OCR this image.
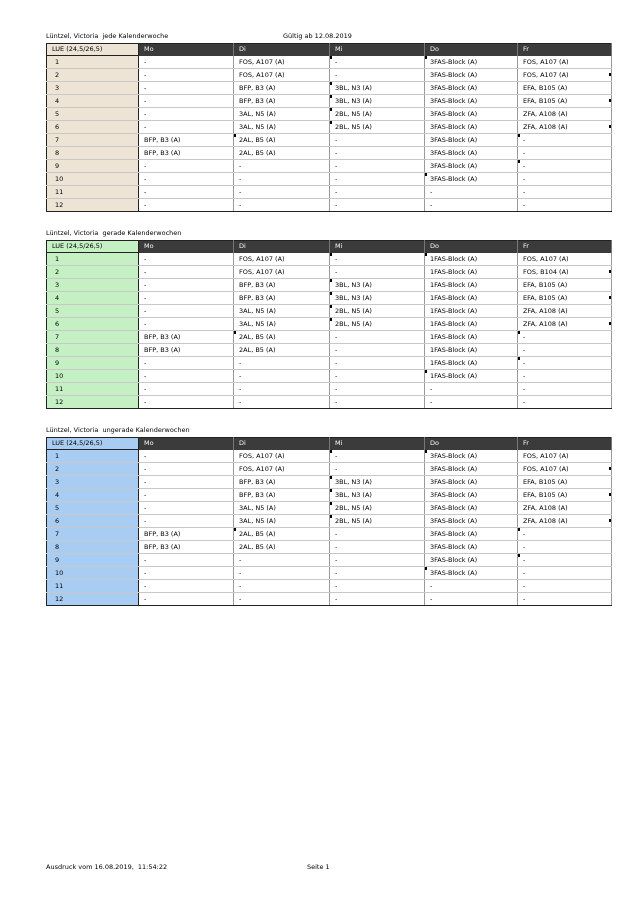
Lüntzel, Victoria  jede Kalenderwoche	Gültig ab 12.08.2019
LUE (24,5/26,5)	Mo	Di	Mi	Do	Fr
1	-	FOS, A107 (A)	-	3FAS-Block (A)	FOS, A107 (A)
2	-	FOS, A107 (A)	-	3FAS-Block (A)	FOS, A107 (A)
3	-	BFP, B3 (A)	3BL, N3 (A)	3FAS-Block (A)	EFA, B105 (A)
4	-	BFP, B3 (A)	3BL, N3 (A)	3FAS-Block (A)	EFA, B105 (A)
5	-	3AL, N5 (A)	2BL, N5 (A)	3FAS-Block (A)	ZFA, A108 (A)
6	-	3AL, N5 (A)	2BL, N5 (A)	3FAS-Block (A)	ZFA, A108 (A)
7	BFP, B3 (A)	2AL, B5 (A)	-	3FAS-Block (A)	-
8	BFP, B3 (A)	2AL, B5 (A)	-	3FAS-Block (A)	-
9	-	-	-	3FAS-Block (A)	-
10	-	-	-	3FAS-Block (A)	-
11	-	-	-	-	-
12	-	-	-	-	-
Lüntzel, Victoria  gerade Kalenderwochen
LUE (24,5/26,5)	Mo	Di	Mi	Do	Fr
1	-	FOS, A107 (A)	-	1FAS-Block (A)	FOS, A107 (A)
2	-	FOS, A107 (A)	-	1FAS-Block (A)	FOS, B104 (A)
3	-	BFP, B3 (A)	3BL, N3 (A)	1FAS-Block (A)	EFA, B105 (A)
4	-	BFP, B3 (A)	3BL, N3 (A)	1FAS-Block (A)	EFA, B105 (A)
5	-	3AL, N5 (A)	2BL, N5 (A)	1FAS-Block (A)	ZFA, A108 (A)
6	-	3AL, N5 (A)	2BL, N5 (A)	1FAS-Block (A)	ZFA, A108 (A)
7	BFP, B3 (A)	2AL, B5 (A)	-	1FAS-Block (A)	-
8	BFP, B3 (A)	2AL, B5 (A)	-	1FAS-Block (A)	-
9	-	-	-	1FAS-Block (A)	-
10	-	-	-	1FAS-Block (A)	-
11	-	-	-	-	-
12	-	-	-	-	-
Lüntzel, Victoria  ungerade Kalenderwochen
LUE (24,5/26,5)	Mo	Di	Mi	Do	Fr
1	-	FOS, A107 (A)	-	3FAS-Block (A)	FOS, A107 (A)
2	-	FOS, A107 (A)	-	3FAS-Block (A)	FOS, A107 (A)
3	-	BFP, B3 (A)	3BL, N3 (A)	3FAS-Block (A)	EFA, B105 (A)
4	-	BFP, B3 (A)	3BL, N3 (A)	3FAS-Block (A)	EFA, B105 (A)
5	-	3AL, N5 (A)	2BL, N5 (A)	3FAS-Block (A)	ZFA, A108 (A)
6	-	3AL, N5 (A)	2BL, N5 (A)	3FAS-Block (A)	ZFA, A108 (A)
7	BFP, B3 (A)	2AL, B5 (A)	-	3FAS-Block (A)	-
8	BFP, B3 (A)	2AL, B5 (A)	-	3FAS-Block (A)	-
9	-	-	-	3FAS-Block (A)	-
10	-	-	-	3FAS-Block (A)	-
11	-	-	-	-	-
12	-	-	-	-	-
Ausdruck vom 16.08.2019,  11:54:22	Seite 1
